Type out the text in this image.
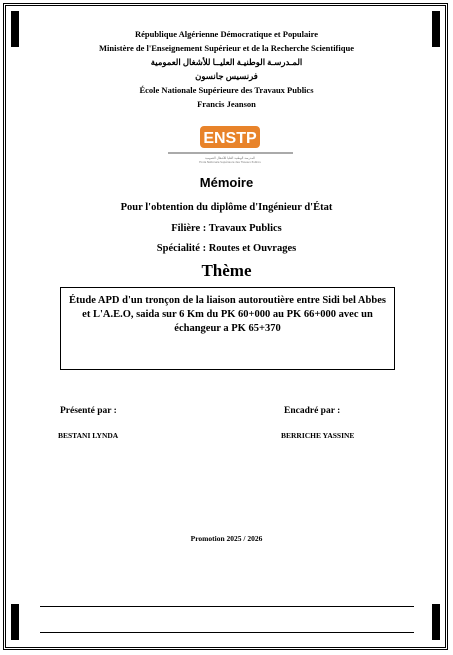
République Algérienne Démocratique et Populaire
Ministère de l'Enseignement Supérieur et de la Recherche Scientifique
المـدرسـة الوطنيـة العليــا للأشغال العمومية
فرنسيس جانسون
École Nationale Supérieure des Travaux Publics
Francis Jeanson
ENSTP
المدرسة الوطنية العليا للأشغال العمومية
Ecole Nationale Supérieure des Travaux Publics
Mémoire
Pour l'obtention du diplôme d'Ingénieur d'État
Filière : Travaux Publics
Spécialité : Routes et Ouvrages
Thème
Étude APD d'un tronçon de la liaison autoroutière entre Sidi bel Abbes et L'A.E.O, saida sur 6 Km du PK 60+000 au PK 66+000 avec un échangeur a PK 65+370
Présenté par :
BESTANI LYNDA
Encadré par :
BERRICHE YASSINE
Promotion 2025 / 2026
